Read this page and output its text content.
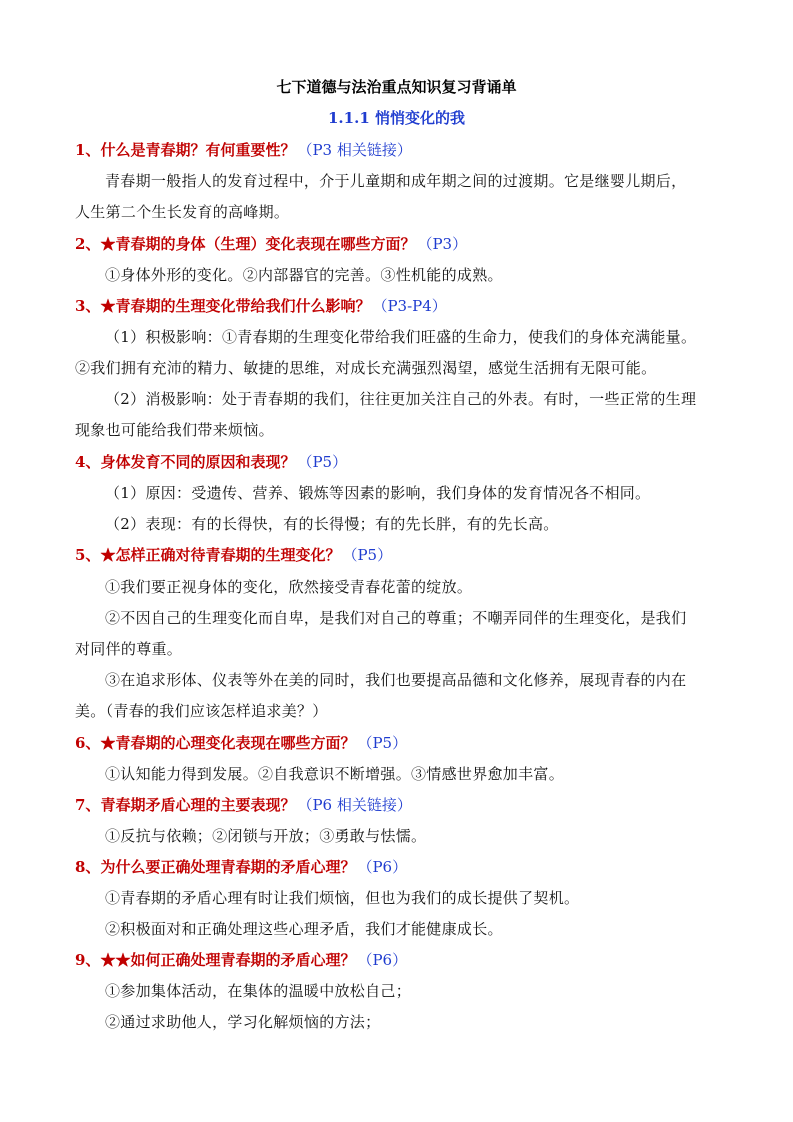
七下道德与法治重点知识复习背诵单
1.1.1 悄悄变化的我
1、什么是青春期？有何重要性？ （P3 相关链接）
青春期一般指人的发育过程中，介于儿童期和成年期之间的过渡期。它是继婴儿期后，
人生第二个生长发育的高峰期。
2、★青春期的身体（生理）变化表现在哪些方面？ （P3）
①身体外形的变化。②内部器官的完善。③性机能的成熟。
3、★青春期的生理变化带给我们什么影响？ （P3-P4）
（1）积极影响：①青春期的生理变化带给我们旺盛的生命力，使我们的身体充满能量。
②我们拥有充沛的精力、敏捷的思维，对成长充满强烈渴望，感觉生活拥有无限可能。
（2）消极影响：处于青春期的我们，往往更加关注自己的外表。有时，一些正常的生理
现象也可能给我们带来烦恼。
4、身体发育不同的原因和表现？ （P5）
（1）原因：受遗传、营养、锻炼等因素的影响，我们身体的发育情况各不相同。
（2）表现：有的长得快，有的长得慢；有的先长胖，有的先长高。
5、★怎样正确对待青春期的生理变化？ （P5）
①我们要正视身体的变化，欣然接受青春花蕾的绽放。
②不因自己的生理变化而自卑，是我们对自己的尊重；不嘲弄同伴的生理变化，是我们
对同伴的尊重。
③在追求形体、仪表等外在美的同时，我们也要提高品德和文化修养，展现青春的内在
美。（青春的我们应该怎样追求美？）
6、★青春期的心理变化表现在哪些方面？ （P5）
①认知能力得到发展。②自我意识不断增强。③情感世界愈加丰富。
7、青春期矛盾心理的主要表现？ （P6 相关链接）
①反抗与依赖；②闭锁与开放；③勇敢与怯懦。
8、为什么要正确处理青春期的矛盾心理？ （P6）
①青春期的矛盾心理有时让我们烦恼，但也为我们的成长提供了契机。
②积极面对和正确处理这些心理矛盾，我们才能健康成长。
9、★★如何正确处理青春期的矛盾心理？ （P6）
①参加集体活动，在集体的温暖中放松自己；
②通过求助他人，学习化解烦恼的方法；
